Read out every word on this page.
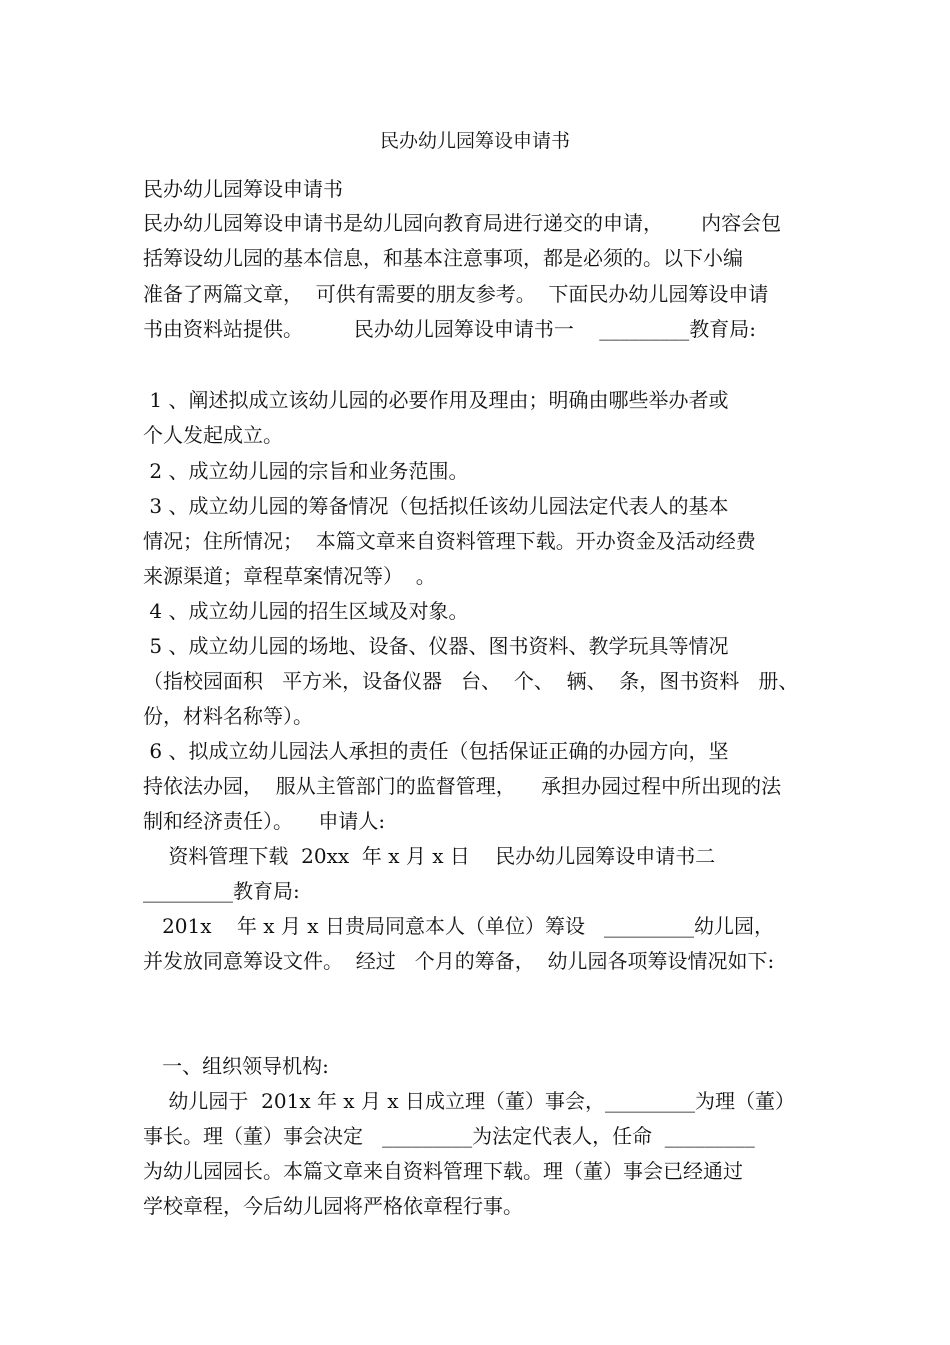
民办幼儿园筹设申请书
民办幼儿园筹设申请书
民办幼儿园筹设申请书是幼儿园向教育局进行递交的申请，      内容会包
括筹设幼儿园的基本信息，和基本注意事项，都是必须的。以下小编
准备了两篇文章，  可供有需要的朋友参考。  下面民办幼儿园筹设申请
书由资料站提供。        民办幼儿园筹设申请书一    _________教育局:
1 、阐述拟成立该幼儿园的必要作用及理由；明确由哪些举办者或
个人发起成立。
2 、成立幼儿园的宗旨和业务范围。
3 、成立幼儿园的筹备情况（包括拟任该幼儿园法定代表人的基本
情况；住所情况；  本篇文章来自资料管理下载。开办资金及活动经费
来源渠道；章程草案情况等）  。
4 、成立幼儿园的招生区域及对象。
5 、成立幼儿园的场地、设备、仪器、图书资料、教学玩具等情况
（指校园面积   平方米，设备仪器   台、  个、  辆、  条，图书资料   册、
份，材料名称等）。
6 、拟成立幼儿园法人承担的责任（包括保证正确的办园方向，坚
持依法办园，  服从主管部门的监督管理，    承担办园过程中所出现的法
制和经济责任）。    申请人:
资料管理下载  20xx  年 x 月 x 日    民办幼儿园筹设申请书二
_________教育局:
201x    年 x 月 x 日贵局同意本人（单位）筹设   _________幼儿园，
并发放同意筹设文件。  经过   个月的筹备，  幼儿园各项筹设情况如下:
一、组织领导机构:
幼儿园于  201x 年 x 月 x 日成立理（董）事会，_________为理（董）
事长。理（董）事会决定   _________为法定代表人，任命  _________
为幼儿园园长。本篇文章来自资料管理下载。理（董）事会已经通过
学校章程，今后幼儿园将严格依章程行事。
